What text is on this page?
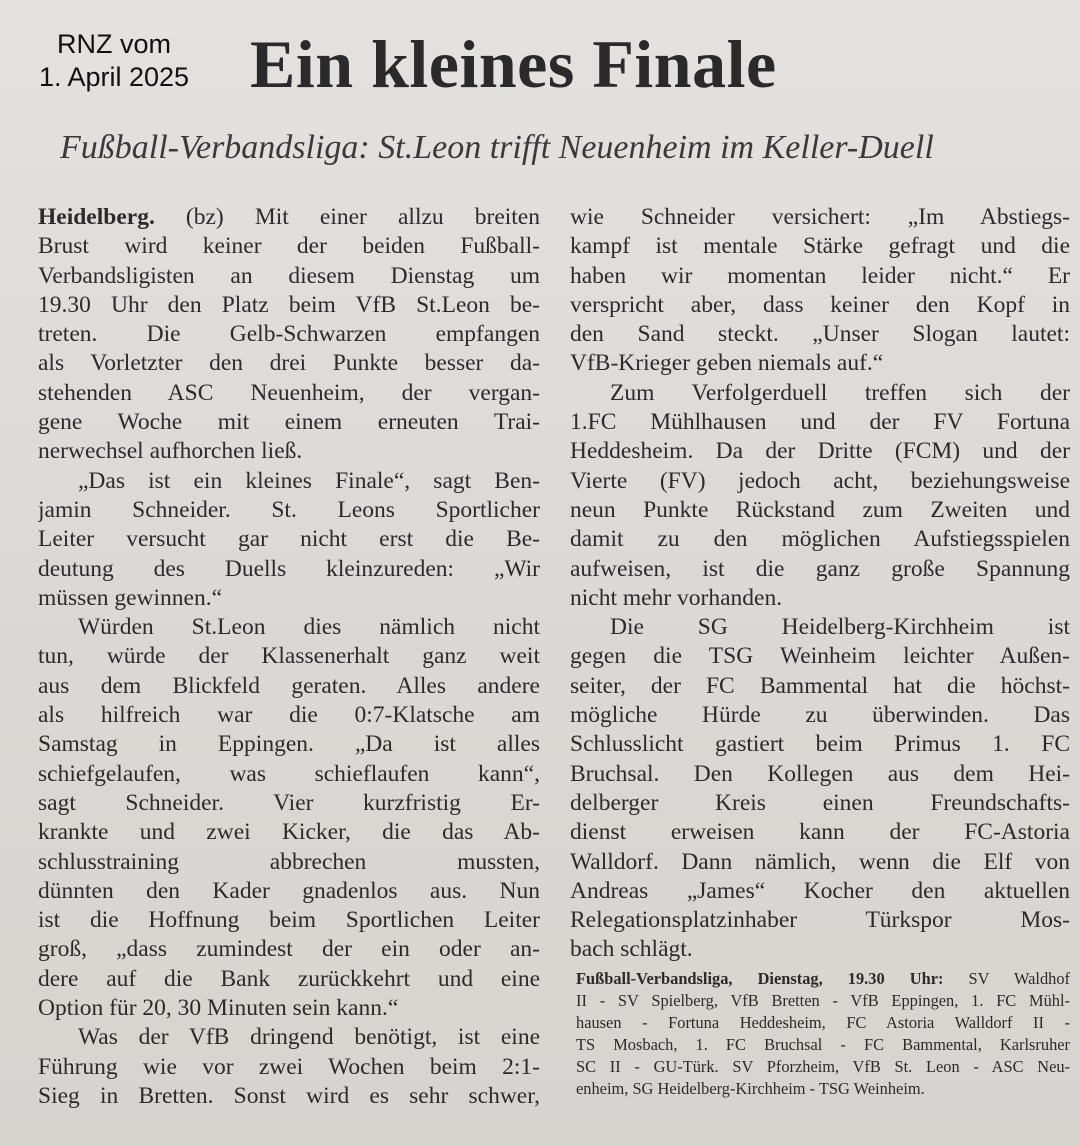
RNZ vom
1. April 2025 Ein kleines Finale
Fußball-Verbandsliga: St.Leon trifft Neuenheim im Keller-Duell
Heidelberg. (bz) Mit einer allzu breiten
Brust wird keiner der beiden Fußball-
Verbandsligisten an diesem Dienstag um
19.30 Uhr den Platz beim VfB St.Leon be-
treten. Die Gelb-Schwarzen empfangen
als Vorletzter den drei Punkte besser da-
stehenden ASC Neuenheim, der vergan-
gene Woche mit einem erneuten Trai-
nerwechsel aufhorchen ließ.
„Das ist ein kleines Finale“, sagt Ben-
jamin Schneider. St. Leons Sportlicher
Leiter versucht gar nicht erst die Be-
deutung des Duells kleinzureden: „Wir
müssen gewinnen.“
Würden St.Leon dies nämlich nicht
tun, würde der Klassenerhalt ganz weit
aus dem Blickfeld geraten. Alles andere
als hilfreich war die 0:7-Klatsche am
Samstag in Eppingen. „Da ist alles
schiefgelaufen, was schieflaufen kann“,
sagt Schneider. Vier kurzfristig Er-
krankte und zwei Kicker, die das Ab-
schlusstraining abbrechen mussten,
dünnten den Kader gnadenlos aus. Nun
ist die Hoffnung beim Sportlichen Leiter
groß, „dass zumindest der ein oder an-
dere auf die Bank zurückkehrt und eine
Option für 20, 30 Minuten sein kann.“
Was der VfB dringend benötigt, ist eine
Führung wie vor zwei Wochen beim 2:1-
Sieg in Bretten. Sonst wird es sehr schwer,
wie Schneider versichert: „Im Abstiegs-
kampf ist mentale Stärke gefragt und die
haben wir momentan leider nicht.“ Er
verspricht aber, dass keiner den Kopf in
den Sand steckt. „Unser Slogan lautet:
VfB-Krieger geben niemals auf.“
Zum Verfolgerduell treffen sich der
1.FC Mühlhausen und der FV Fortuna
Heddesheim. Da der Dritte (FCM) und der
Vierte (FV) jedoch acht, beziehungsweise
neun Punkte Rückstand zum Zweiten und
damit zu den möglichen Aufstiegsspielen
aufweisen, ist die ganz große Spannung
nicht mehr vorhanden.
Die SG Heidelberg-Kirchheim ist
gegen die TSG Weinheim leichter Außen-
seiter, der FC Bammental hat die höchst-
mögliche Hürde zu überwinden. Das
Schlusslicht gastiert beim Primus 1. FC
Bruchsal. Den Kollegen aus dem Hei-
delberger Kreis einen Freundschafts-
dienst erweisen kann der FC-Astoria
Walldorf. Dann nämlich, wenn die Elf von
Andreas „James“ Kocher den aktuellen
Relegationsplatzinhaber Türkspor Mos-
bach schlägt.
Fußball-Verbandsliga, Dienstag, 19.30 Uhr: SV Waldhof
II - SV Spielberg, VfB Bretten - VfB Eppingen, 1. FC Mühl-
hausen - Fortuna Heddesheim, FC Astoria Walldorf II -
TS Mosbach, 1. FC Bruchsal - FC Bammental, Karlsruher
SC II - GU-Türk. SV Pforzheim, VfB St. Leon - ASC Neu-
enheim, SG Heidelberg-Kirchheim - TSG Weinheim.
